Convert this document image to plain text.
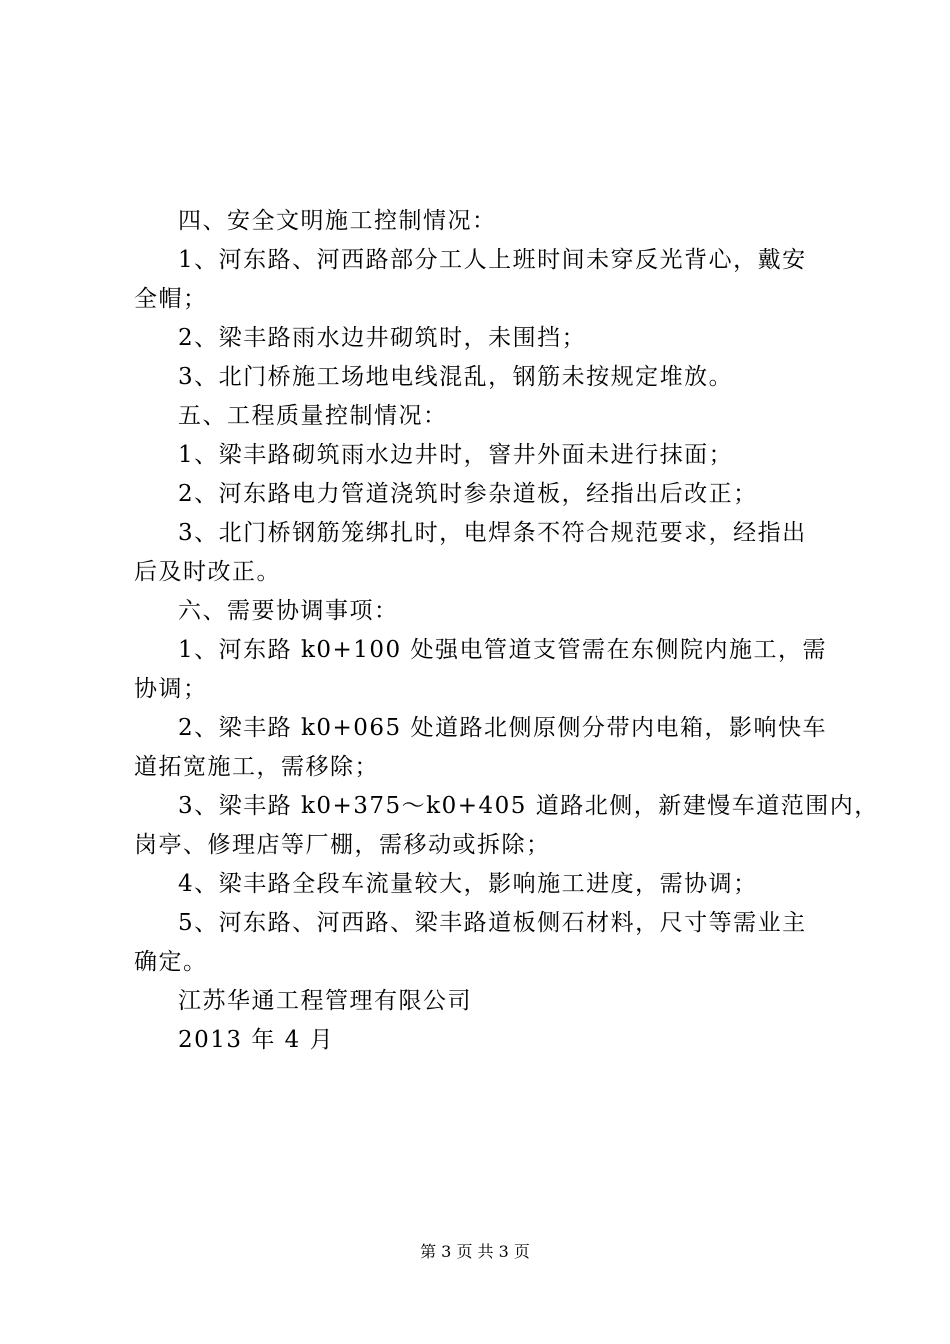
四、安全文明施工控制情况：
1、河东路、河西路部分工人上班时间未穿反光背心，戴安
全帽；
2、梁丰路雨水边井砌筑时，未围挡；
3、北门桥施工场地电线混乱，钢筋未按规定堆放。
五、工程质量控制情况：
1、梁丰路砌筑雨水边井时，窨井外面未进行抹面；
2、河东路电力管道浇筑时参杂道板，经指出后改正；
3、北门桥钢筋笼绑扎时，电焊条不符合规范要求，经指出
后及时改正。
六、需要协调事项：
1、河东路 k0+100 处强电管道支管需在东侧院内施工，需
协调；
2、梁丰路 k0+065 处道路北侧原侧分带内电箱，影响快车
道拓宽施工，需移除；
3、梁丰路 k0+375～k0+405 道路北侧，新建慢车道范围内，
岗亭、修理店等厂棚，需移动或拆除；
4、梁丰路全段车流量较大，影响施工进度，需协调；
5、河东路、河西路、梁丰路道板侧石材料，尺寸等需业主
确定。
江苏华通工程管理有限公司
2013 年 4 月
第 3 页 共 3 页
